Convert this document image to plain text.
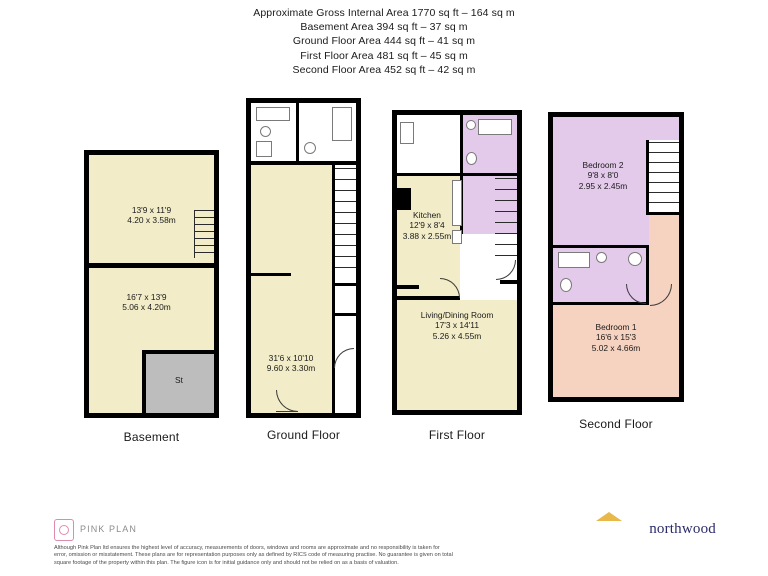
Approximate Gross Internal Area 1770 sq ft – 164 sq m
Basement Area 394 sq ft – 37 sq m
Ground Floor Area 444 sq ft – 41 sq m
First Floor Area 481 sq ft – 45 sq m
Second Floor Area 452 sq ft – 42 sq m
13'9 x 11'9
4.20 x 3.58m
16'7 x 13'9
5.06 x 4.20m
St
Basement
31'6 x 10'10
9.60 x 3.30m
Ground Floor
Kitchen
12'9 x 8'4
3.88 x 2.55m
Living/Dining Room
17'3 x 14'11
5.26 x 4.55m
First Floor
Bedroom 2
9'8 x 8'0
2.95 x 2.45m
Bedroom 1
16'6 x 15'3
5.02 x 4.66m
Second Floor
PINK PLAN
Although Pink Plan ltd ensures the highest level of accuracy, measurements of doors, windows and rooms are approximate and no responsibility is taken for error, omission or misstatement. These plans are for representation purposes only as defined by RICS code of measuring practise. No guarantee is given on total square footage of the property within this plan. The figure icon is for initial guidance only and should not be relied on as a basis of valuation.
northwood
